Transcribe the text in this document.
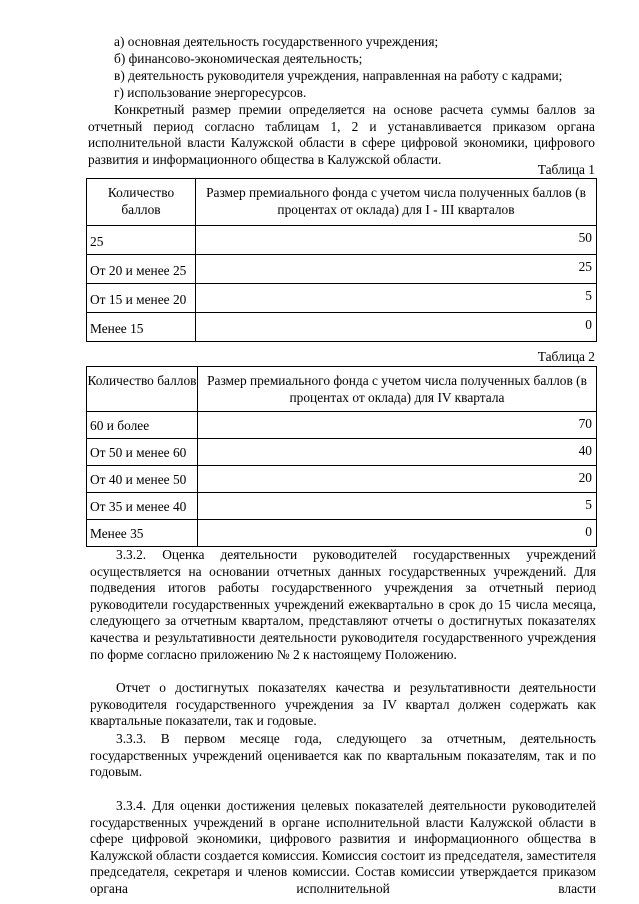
а) основная деятельность государственного учреждения;
б) финансово-экономическая деятельность;
в) деятельность руководителя учреждения, направленная на работу с кадрами;
г) использование энергоресурсов.
Конкретный размер премии определяется на основе расчета суммы баллов за отчетный период согласно таблицам 1, 2 и устанавливается приказом органа исполнительной власти Калужской области в сфере цифровой экономики, цифрового развития и информационного общества в Калужской области.
Таблица 1
Количество баллов	Размер премиального фонда с учетом числа полученных баллов (в процентах от оклада) для I - III кварталов
25	50
От 20 и менее 25	25
От 15 и менее 20	5
Менее 15	0
Таблица 2
Количество баллов	Размер премиального фонда с учетом числа полученных баллов (в процентах от оклада) для IV квартала
60 и более	70
От 50 и менее 60	40
От 40 и менее 50	20
От 35 и менее 40	5
Менее 35	0
3.3.2. Оценка деятельности руководителей государственных учреждений осуществляется на основании отчетных данных государственных учреждений. Для подведения итогов работы государственного учреждения за отчетный период руководители государственных учреждений ежеквартально в срок до 15 числа месяца, следующего за отчетным кварталом, представляют отчеты о достигнутых показателях качества и результативности деятельности руководителя государственного учреждения по форме согласно приложению № 2 к настоящему Положению.
Отчет о достигнутых показателях качества и результативности деятельности руководителя государственного учреждения за IV квартал должен содержать как квартальные показатели, так и годовые.
3.3.3. В первом месяце года, следующего за отчетным, деятельность государственных учреждений оценивается как по квартальным показателям, так и по годовым.
3.3.4. Для оценки достижения целевых показателей деятельности руководителей государственных учреждений в органе исполнительной власти Калужской области в сфере цифровой экономики, цифрового развития и информационного общества в Калужской области создается комиссия. Комиссия состоит из председателя, заместителя председателя, секретаря и членов комиссии. Состав комиссии утверждается приказом органа исполнительной власти
